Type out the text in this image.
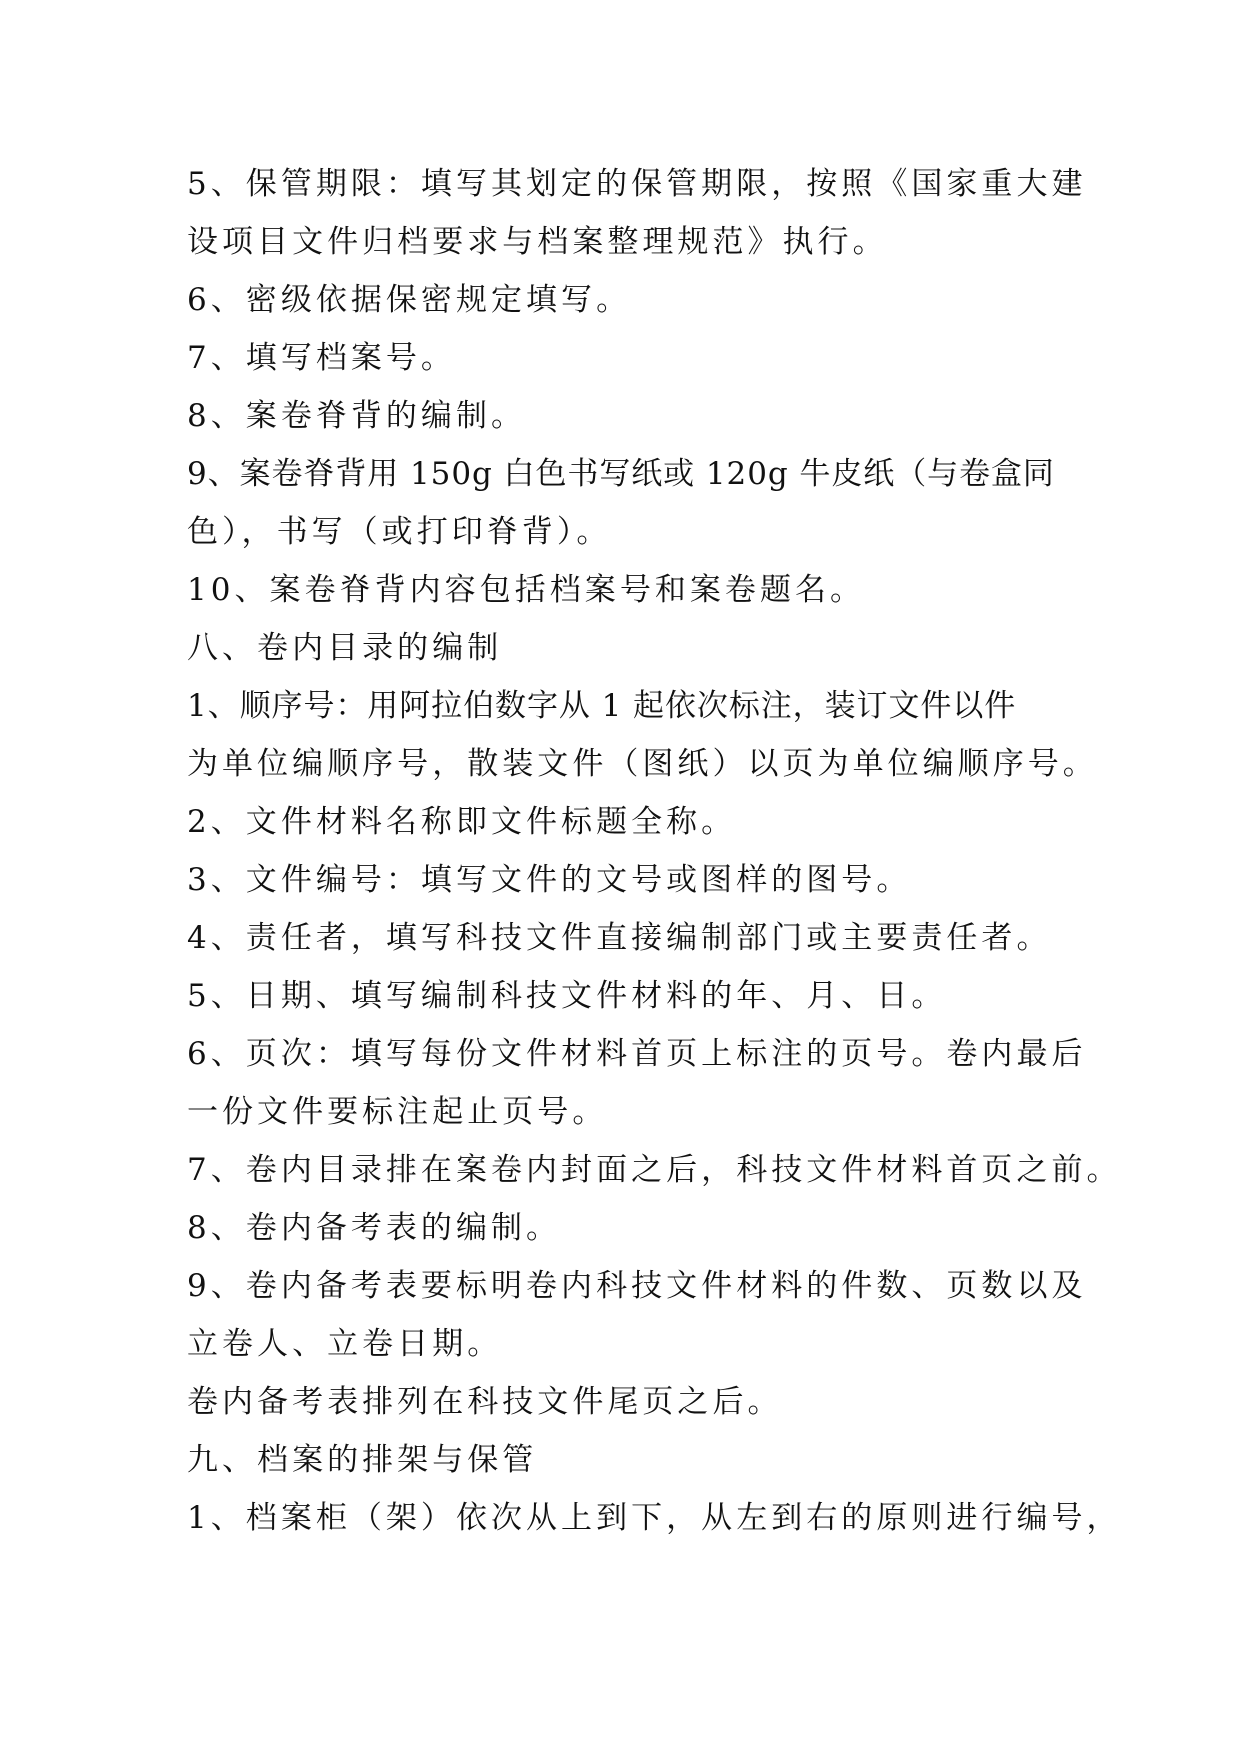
5、保管期限：填写其划定的保管期限，按照《国家重大建
设项目文件归档要求与档案整理规范》执行。
6、密级依据保密规定填写。
7、填写档案号。
8、案卷脊背的编制。
9、案卷脊背用 150g 白色书写纸或 120g 牛皮纸（与卷盒同
色），书写（或打印脊背）。
10、案卷脊背内容包括档案号和案卷题名。
八、卷内目录的编制
1、顺序号：用阿拉伯数字从 1 起依次标注，装订文件以件
为单位编顺序号，散装文件（图纸）以页为单位编顺序号。
2、文件材料名称即文件标题全称。
3、文件编号：填写文件的文号或图样的图号。
4、责任者，填写科技文件直接编制部门或主要责任者。
5、日期、填写编制科技文件材料的年、月、日。
6、页次：填写每份文件材料首页上标注的页号。卷内最后
一份文件要标注起止页号。
7、卷内目录排在案卷内封面之后，科技文件材料首页之前。
8、卷内备考表的编制。
9、卷内备考表要标明卷内科技文件材料的件数、页数以及
立卷人、立卷日期。
卷内备考表排列在科技文件尾页之后。
九、档案的排架与保管
1、档案柜（架）依次从上到下，从左到右的原则进行编号，
